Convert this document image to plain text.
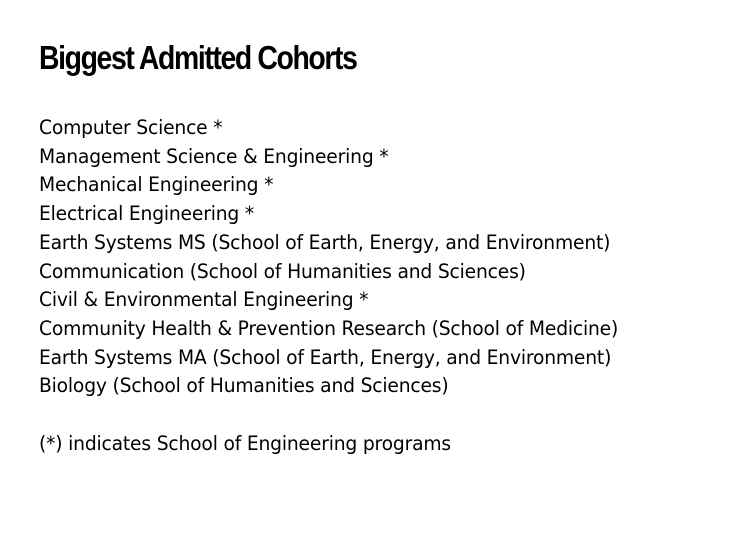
Biggest Admitted Cohorts
Computer Science *
Management Science & Engineering *
Mechanical Engineering *
Electrical Engineering *
Earth Systems MS (School of Earth, Energy, and Environment)
Communication (School of Humanities and Sciences)
Civil & Environmental Engineering *
Community Health & Prevention Research (School of Medicine)
Earth Systems MA (School of Earth, Energy, and Environment)
Biology (School of Humanities and Sciences)

(*) indicates School of Engineering programs
